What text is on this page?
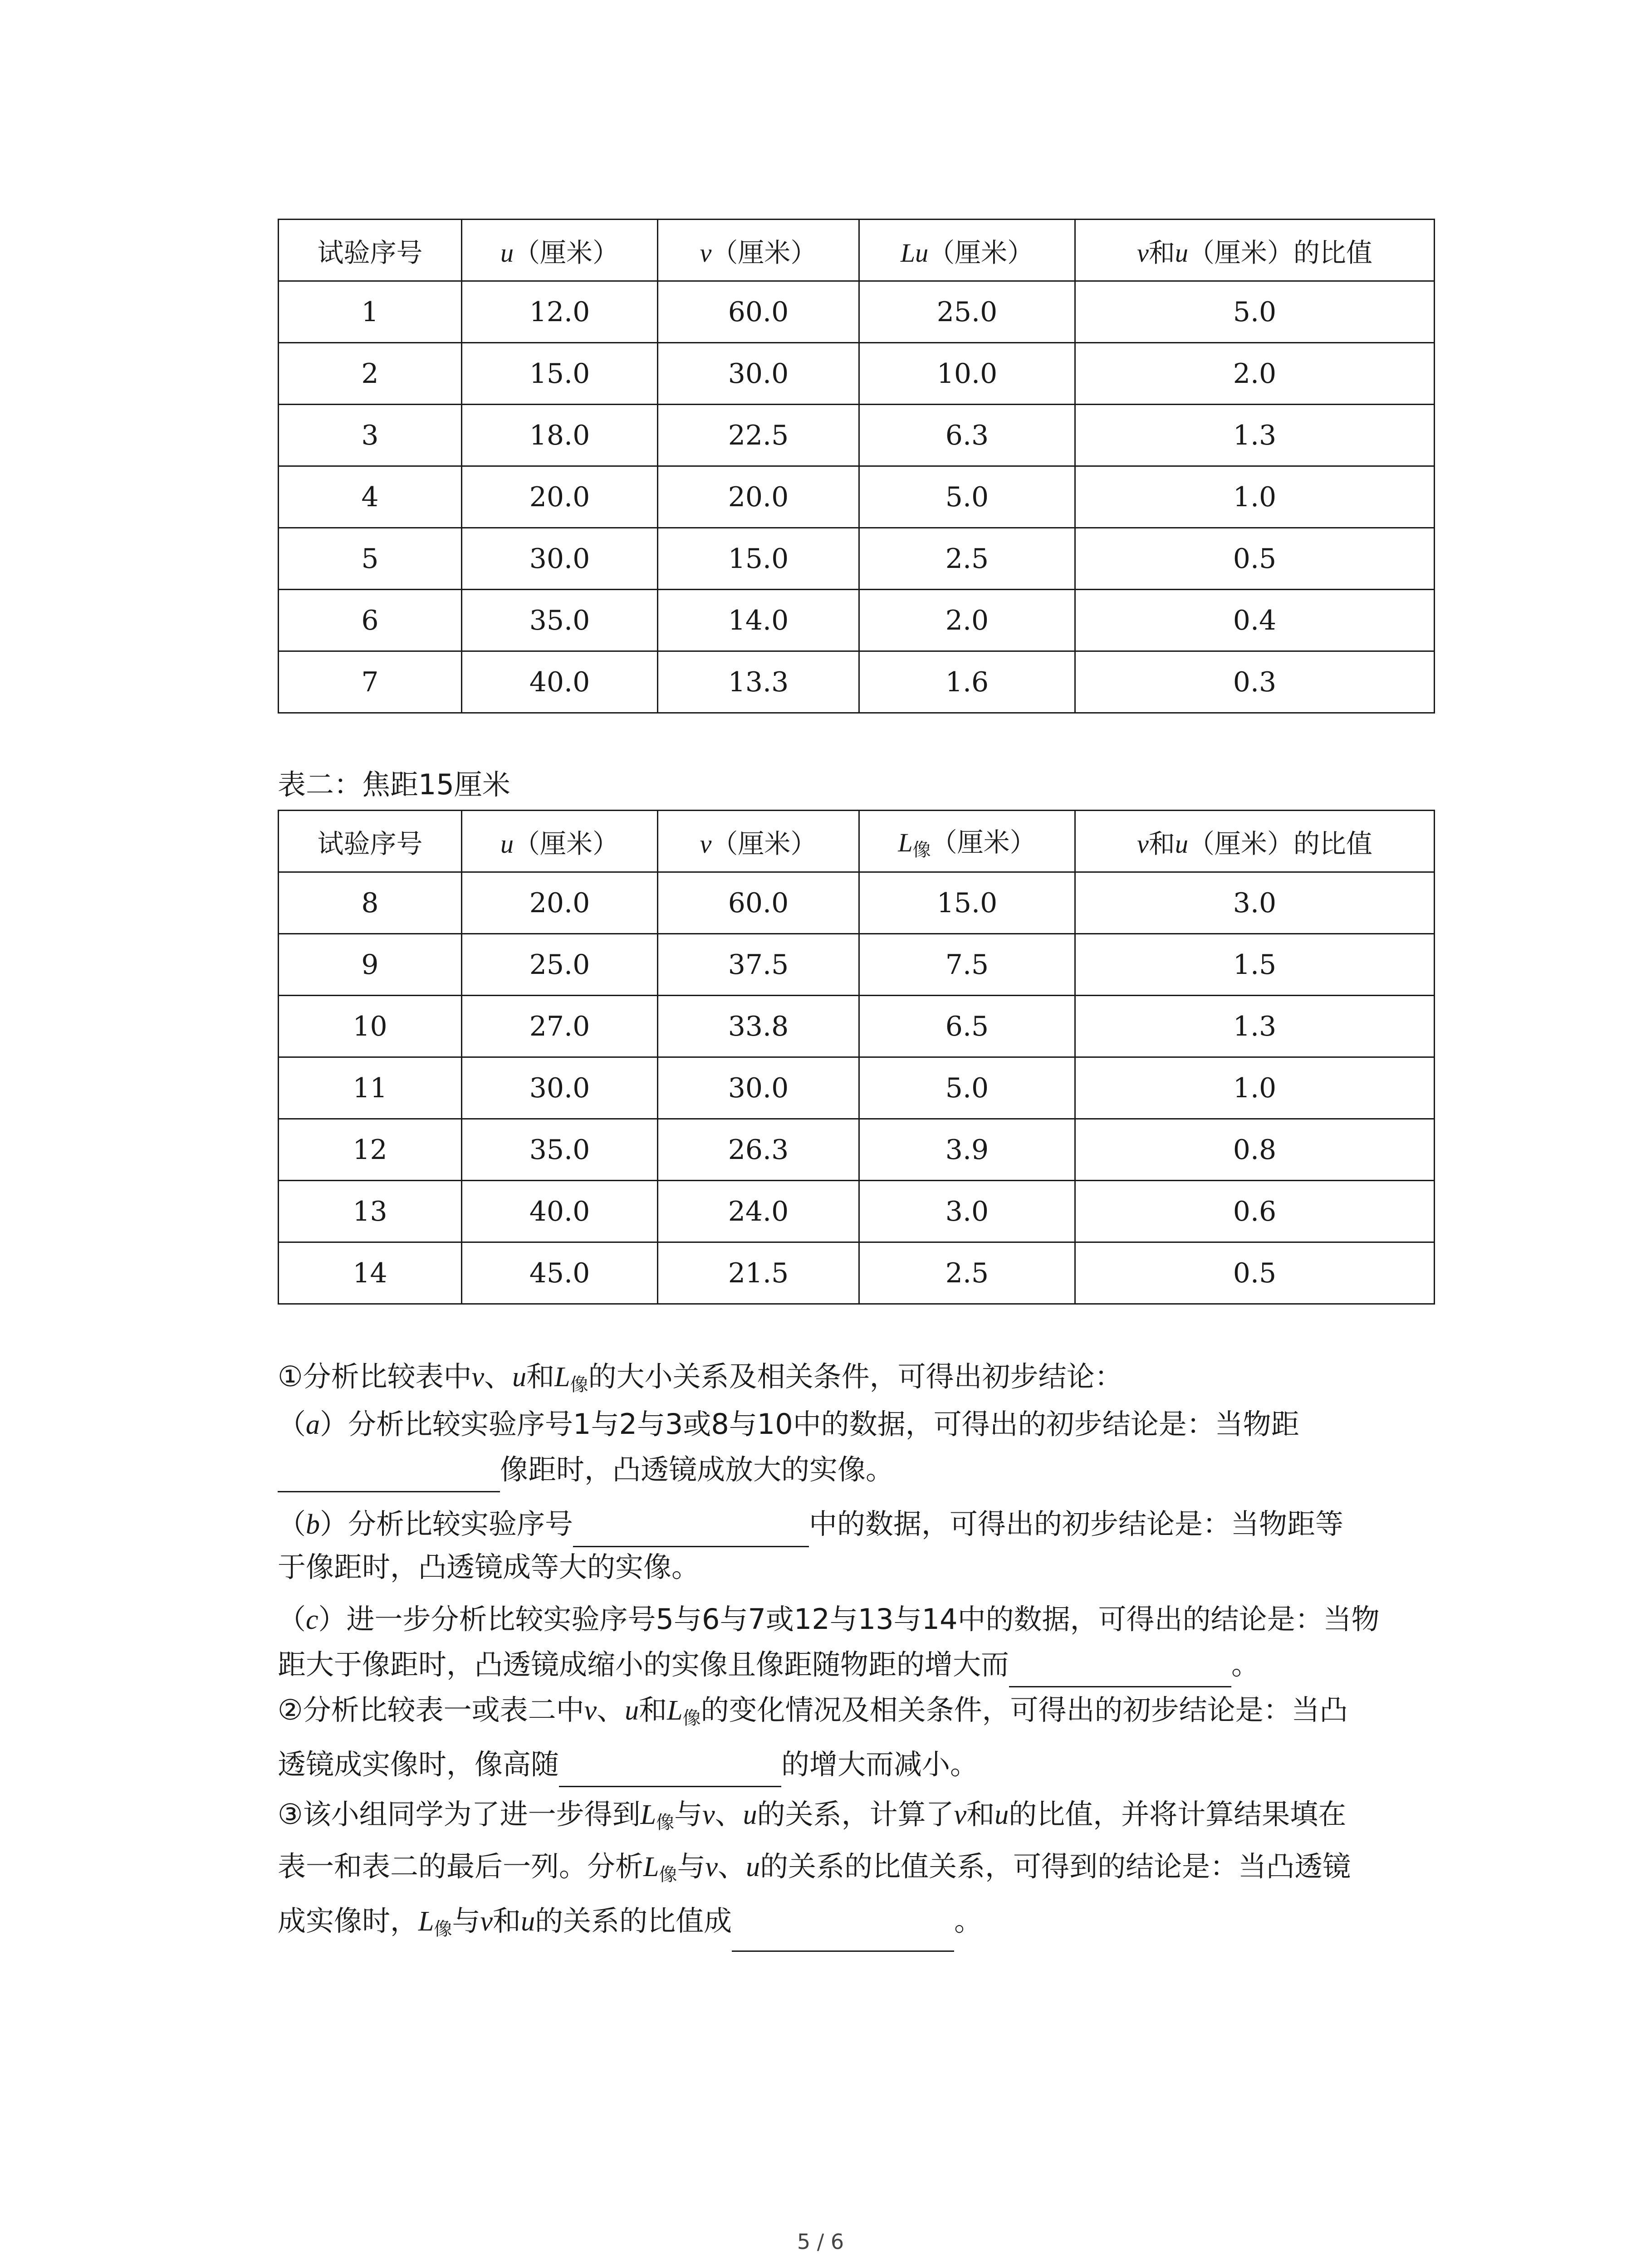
试验序号	u（厘米）	v（厘米）	Lu（厘米）	v和u（厘米）的比值
1	12.0	60.0	25.0	5.0
2	15.0	30.0	10.0	2.0
3	18.0	22.5	6.3	1.3
4	20.0	20.0	5.0	1.0
5	30.0	15.0	2.5	0.5
6	35.0	14.0	2.0	0.4
7	40.0	13.3	1.6	0.3
表二：焦距15厘米
试验序号	u（厘米）	v（厘米）	$L_像$（厘米）	v和u（厘米）的比值
8	20.0	60.0	15.0	3.0
9	25.0	37.5	7.5	1.5
10	27.0	33.8	6.5	1.3
11	30.0	30.0	5.0	1.0
12	35.0	26.3	3.9	0.8
13	40.0	24.0	3.0	0.6
14	45.0	21.5	2.5	0.5
①分析比较表中v、u和$L_像$的大小关系及相关条件，可得出初步结论：
（a）分析比较实验序号1与2与3或8与10中的数据，可得出的初步结论是：当物距
像距时，凸透镜成放大的实像。
（b）分析比较实验序号	中的数据，可得出的初步结论是：当物距等
于像距时，凸透镜成等大的实像。
（c）进一步分析比较实验序号5与6与7或12与13与14中的数据，可得出的结论是：当物
距大于像距时，凸透镜成缩小的实像且像距随物距的增大而	。
②分析比较表一或表二中v、u和$L_像$的变化情况及相关条件，可得出的初步结论是：当凸
透镜成实像时，像高随	的增大而减小。
③该小组同学为了进一步得到$L_像$与v、u的关系，计算了v和u的比值，并将计算结果填在
表一和表二的最后一列。分析$L_像$与v、u的关系的比值关系，可得到的结论是：当凸透镜
成实像时，$L_像$与v和u的关系的比值成	。
5 / 6
